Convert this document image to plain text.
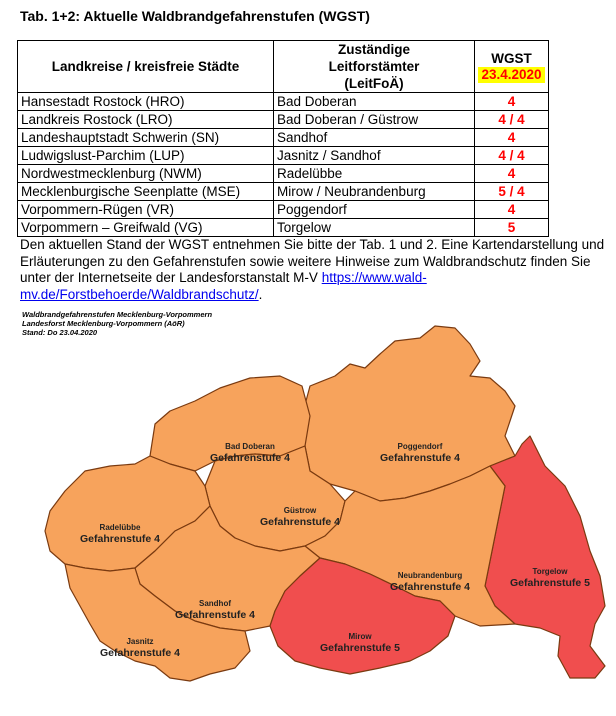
Tab. 1+2: Aktuelle Waldbrandgefahrenstufen (WGST)
Landkreise / kreisfreie Städte	Zuständige Leitforstämter (LeitFoÄ)	WGST
23.4.2020

Hansestadt Rostock (HRO)	Bad Doberan	4
Landkreis Rostock (LRO)	Bad Doberan / Güstrow	4 / 4
Landeshauptstadt Schwerin (SN)	Sandhof	4
Ludwigslust-Parchim (LUP)	Jasnitz / Sandhof	4 / 4
Nordwestmecklenburg (NWM)	Radelübbe	4
Mecklenburgische Seenplatte (MSE)	Mirow / Neubrandenburg	5 / 4
Vorpommern-Rügen (VR)	Poggendorf	4
Vorpommern – Greifwald (VG)	Torgelow	5
Den aktuellen Stand der WGST entnehmen Sie bitte der Tab. 1 und 2. Eine Kartendarstellung und Erläuterungen zu den Gefahrenstufen sowie weitere Hinweise zum Waldbrandschutz finden Sie unter der Internetseite der Landesforstanstalt M-V https://www.wald-mv.de/Forstbehoerde/Waldbrandschutz/.
Bad Doberan
Gefahrenstufe 4
Poggendorf
Gefahrenstufe 4
Güstrow
Gefahrenstufe 4
Radelübbe
Gefahrenstufe 4
Torgelow
Gefahrenstufe 5
Neubrandenburg
Gefahrenstufe 4
Sandhof
Gefahrenstufe 4
Mirow
Gefahrenstufe 5
Jasnitz
Gefahrenstufe 4
Waldbrandgefahrenstufen Mecklenburg-Vorpommern
Landesforst Mecklenburg-Vorpommern (AöR)
Stand: Do 23.04.2020
